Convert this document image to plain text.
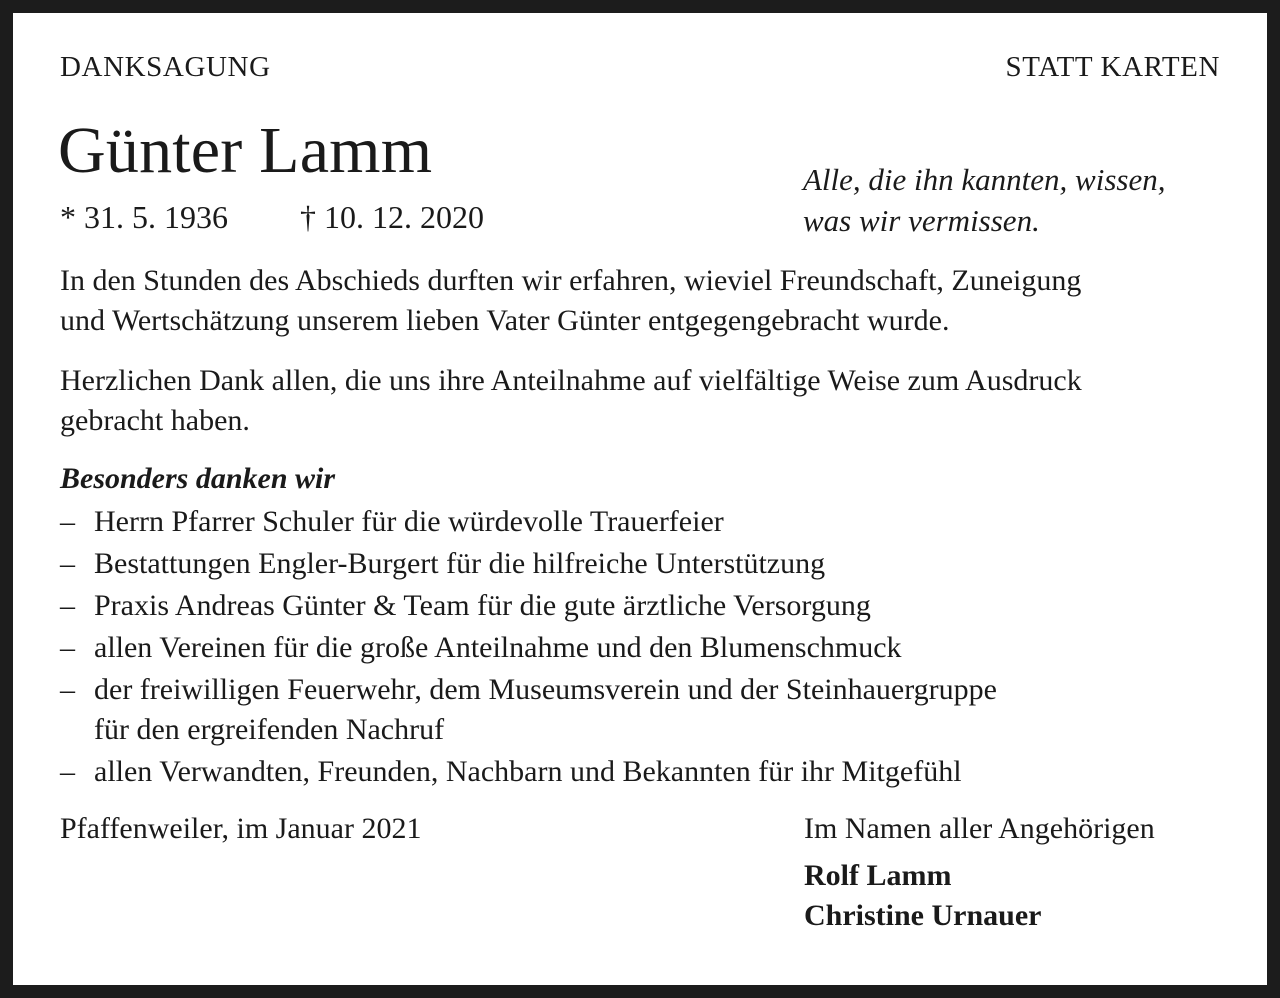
DANKSAGUNG	STATT KARTEN
Günter Lamm
* 31. 5. 1936 † 10. 12. 2020
Alle, die ihn kannten, wissen,
was wir vermissen.
In den Stunden des Abschieds durften wir erfahren, wieviel Freundschaft, Zuneigung
und Wertschätzung unserem lieben Vater Günter entgegengebracht wurde.
Herzlichen Dank allen, die uns ihre Anteilnahme auf vielfältige Weise zum Ausdruck
gebracht haben.
Besonders danken wir
– Herrn Pfarrer Schuler für die würdevolle Trauerfeier
– Bestattungen Engler-Burgert für die hilfreiche Unterstützung
– Praxis Andreas Günter & Team für die gute ärztliche Versorgung
– allen Vereinen für die große Anteilnahme und den Blumenschmuck
– der freiwilligen Feuerwehr, dem Museumsverein und der Steinhauergruppe
für den ergreifenden Nachruf
– allen Verwandten, Freunden, Nachbarn und Bekannten für ihr Mitgefühl
Pfaffenweiler, im Januar 2021	Im Namen aller Angehörigen
Rolf Lamm
Christine Urnauer
